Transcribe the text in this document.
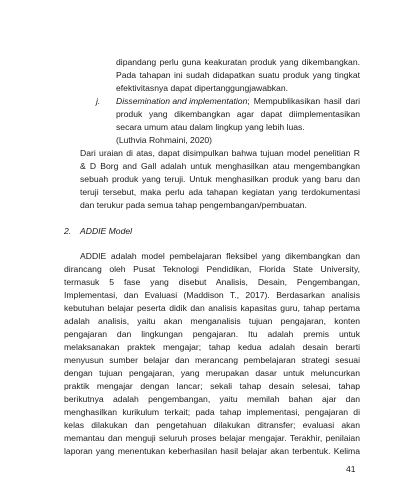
dipandang perlu guna keakuratan produk yang dikembangkan.
Pada tahapan ini sudah didapatkan suatu produk yang tingkat
efektivitasnya dapat dipertanggungjawabkan.
j. Dissemination and implementation ; Mempublikasikan hasil dari
produk yang dikembangkan agar dapat diimplementasikan
secara umum atau dalam lingkup yang lebih luas.
(Luthvia Rohmaini, 2020)
Dari uraian di atas, dapat disimpulkan bahwa tujuan model penelitian R
& D Borg and Gall adalah untuk menghasilkan atau mengembangkan
sebuah produk yang teruji. Untuk menghasilkan produk yang baru dan
teruji tersebut, maka perlu ada tahapan kegiatan yang terdokumentasi
dan terukur pada semua tahap pengembangan/pembuatan.
2. ADDIE Model
ADDIE adalah model pembelajaran fleksibel yang dikembangkan dan
dirancang oleh Pusat Teknologi Pendidikan, Florida State University,
termasuk 5 fase yang disebut Analisis, Desain, Pengembangan,
Implementasi, dan Evaluasi (Maddison T., 2017). Berdasarkan analisis
kebutuhan belajar peserta didik dan analisis kapasitas guru, tahap pertama
adalah analisis, yaitu akan menganalisis tujuan pengajaran, konten
pengajaran dan lingkungan pengajaran. Itu adalah premis untuk
melaksanakan praktek mengajar; tahap kedua adalah desain berarti
menyusun sumber belajar dan merancang pembelajaran strategi sesuai
dengan tujuan pengajaran, yang merupakan dasar untuk meluncurkan
praktik mengajar dengan lancar; sekali tahap desain selesai, tahap
berikutnya adalah pengembangan, yaitu memilah bahan ajar dan
menghasilkan kurikulum terkait; pada tahap implementasi, pengajaran di
kelas dilakukan dan pengetahuan dilakukan ditransfer; evaluasi akan
memantau dan menguji seluruh proses belajar mengajar. Terakhir, penilaian
laporan yang menentukan keberhasilan hasil belajar akan terbentuk. Kelima
41
